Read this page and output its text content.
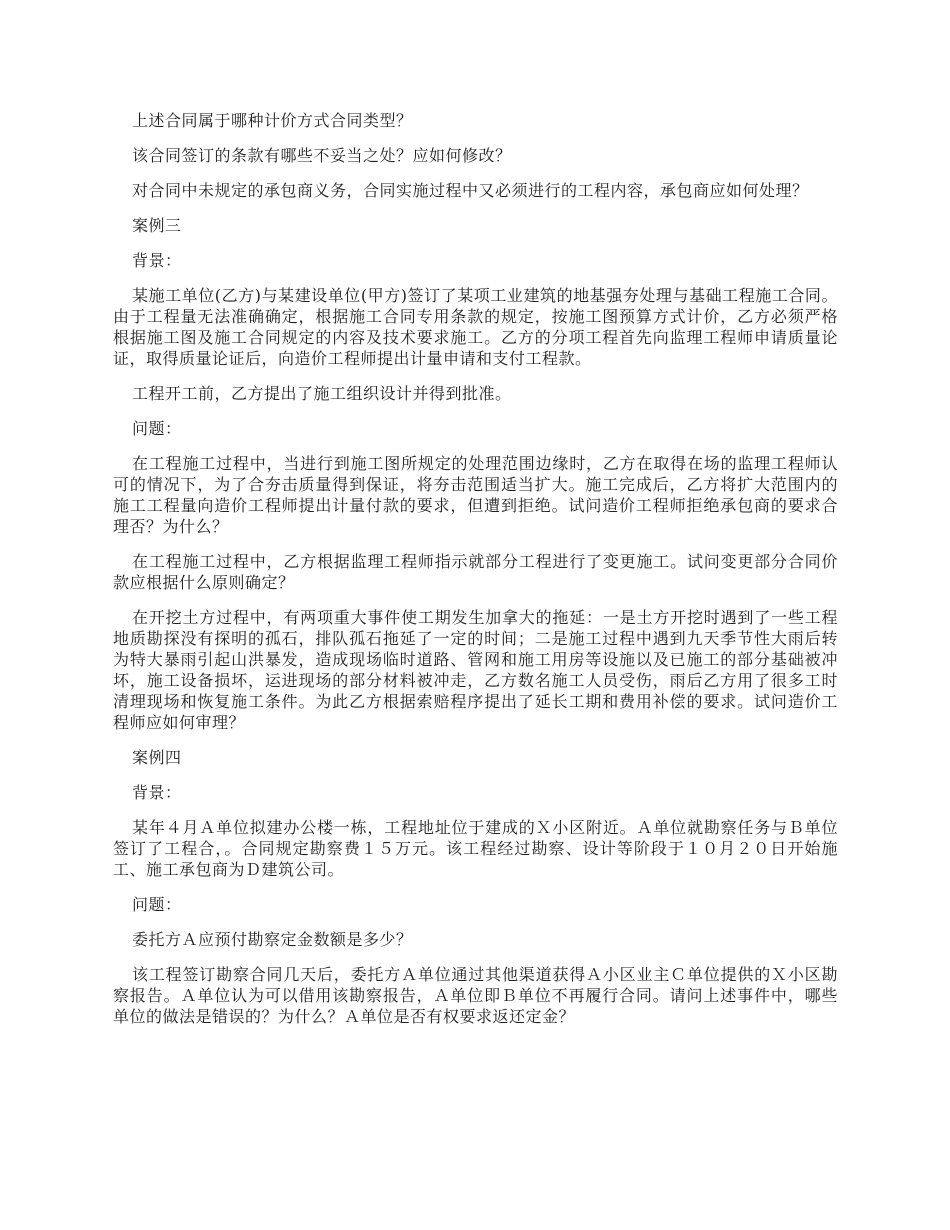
上述合同属于哪种计价方式合同类型？

该合同签订的条款有哪些不妥当之处？应如何修改？

对合同中未规定的承包商义务，合同实施过程中又必须进行的工程内容，承包商应如何处理？

案例三

背景：

某施工单位(乙方)与某建设单位(甲方)签订了某项工业建筑的地基强夯处理与基础工程施工合同。由于工程量无法准确确定，根据施工合同专用条款的规定，按施工图预算方式计价，乙方必须严格根据施工图及施工合同规定的内容及技术要求施工。乙方的分项工程首先向监理工程师申请质量论证，取得质量论证后，向造价工程师提出计量申请和支付工程款。

工程开工前，乙方提出了施工组织设计并得到批准。

问题：

在工程施工过程中，当进行到施工图所规定的处理范围边缘时，乙方在取得在场的监理工程师认可的情况下，为了合夯击质量得到保证，将夯击范围适当扩大。施工完成后，乙方将扩大范围内的施工工程量向造价工程师提出计量付款的要求，但遭到拒绝。试问造价工程师拒绝承包商的要求合理否？为什么？

在工程施工过程中，乙方根据监理工程师指示就部分工程进行了变更施工。试问变更部分合同价款应根据什么原则确定？

在开挖土方过程中，有两项重大事件使工期发生加拿大的拖延：一是土方开挖时遇到了一些工程地质勘探没有探明的孤石，排队孤石拖延了一定的时间；二是施工过程中遇到九天季节性大雨后转为特大暴雨引起山洪暴发，造成现场临时道路、管网和施工用房等设施以及已施工的部分基础被冲坏，施工设备损坏，运进现场的部分材料被冲走，乙方数名施工人员受伤，雨后乙方用了很多工时清理现场和恢复施工条件。为此乙方根据索赔程序提出了延长工期和费用补偿的要求。试问造价工程师应如何审理？

案例四

背景：

某年４月Ａ单位拟建办公楼一栋，工程地址位于建成的Ｘ小区附近。Ａ单位就勘察任务与Ｂ单位签订了工程合，。合同规定勘察费１５万元。该工程经过勘察、设计等阶段于１０月２０日开始施工、施工承包商为Ｄ建筑公司。

问题：

委托方Ａ应预付勘察定金数额是多少？

该工程签订勘察合同几天后，委托方Ａ单位通过其他渠道获得Ａ小区业主Ｃ单位提供的Ｘ小区勘察报告。Ａ单位认为可以借用该勘察报告，Ａ单位即Ｂ单位不再履行合同。请问上述事件中，哪些单位的做法是错误的？为什么？Ａ单位是否有权要求返还定金？
